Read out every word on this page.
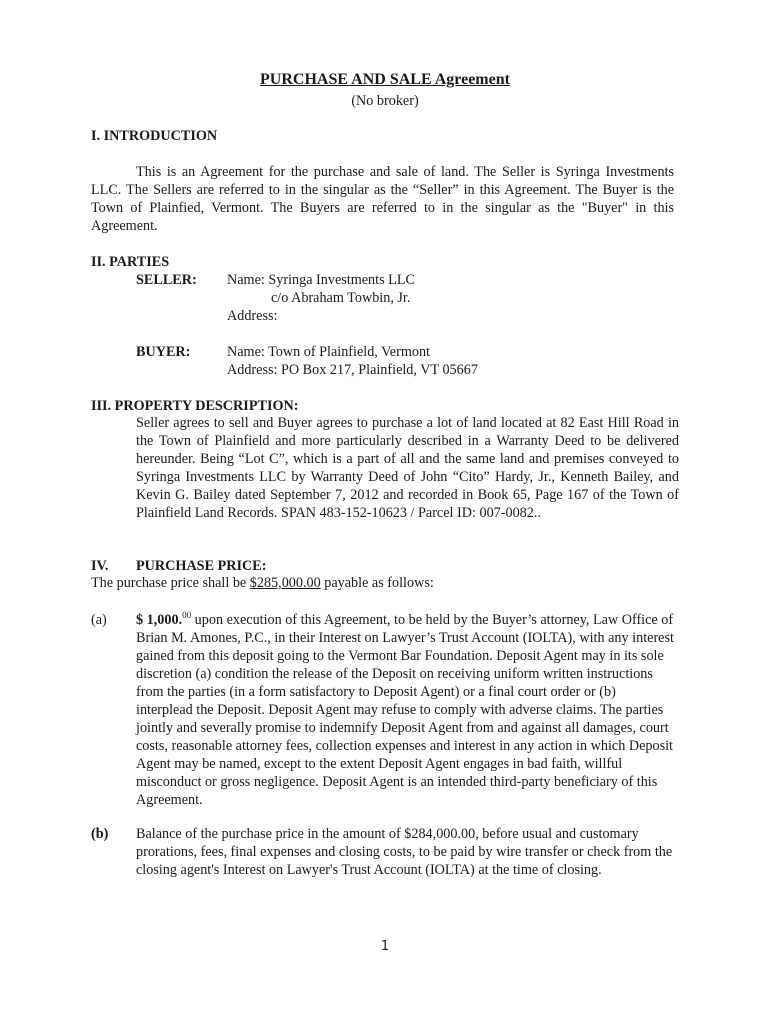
PURCHASE AND SALE Agreement
(No broker)
I. INTRODUCTION
This is an Agreement for the purchase and sale of land. The Seller is Syringa Investments LLC. The Sellers are referred to in the singular as the “Seller” in this Agreement. The Buyer is the Town of Plainfied, Vermont. The Buyers are referred to in the singular as the "Buyer" in this Agreement.
II. PARTIES
SELLER: Name: Syringa Investments LLC
c/o Abraham Towbin, Jr.
Address:
BUYER:	Name: Town of Plainfield, Vermont
Address: PO Box 217, Plainfield, VT 05667
III. PROPERTY DESCRIPTION:
Seller agrees to sell and Buyer agrees to purchase a lot of land located at 82 East Hill Road in the Town of Plainfield and more particularly described in a Warranty Deed to be delivered hereunder. Being “Lot C”, which is a part of all and the same land and premises conveyed to Syringa Investments LLC by Warranty Deed of John “Cito” Hardy, Jr., Kenneth Bailey, and Kevin G. Bailey dated September 7, 2012 and recorded in Book 65, Page 167 of the Town of Plainfield Land Records. SPAN 483-152-10623 / Parcel ID: 007-0082..
IV. PURCHASE PRICE:
The purchase price shall be $285,000.00 payable as follows:
(a) $ 1,000.00 upon execution of this Agreement, to be held by the Buyer’s attorney, Law Office of Brian M. Amones, P.C., in their Interest on Lawyer’s Trust Account (IOLTA), with any interest gained from this deposit going to the Vermont Bar Foundation. Deposit Agent may in its sole discretion (a) condition the release of the Deposit on receiving uniform written instructions from the parties (in a form satisfactory to Deposit Agent) or a final court order or (b) interplead the Deposit. Deposit Agent may refuse to comply with adverse claims. The parties jointly and severally promise to indemnify Deposit Agent from and against all damages, court costs, reasonable attorney fees, collection expenses and interest in any action in which Deposit Agent may be named, except to the extent Deposit Agent engages in bad faith, willful misconduct or gross negligence. Deposit Agent is an intended third-party beneficiary of this Agreement.
(b) Balance of the purchase price in the amount of $284,000.00, before usual and customary prorations, fees, final expenses and closing costs, to be paid by wire transfer or check from the closing agent's Interest on Lawyer's Trust Account (IOLTA) at the time of closing.
1
